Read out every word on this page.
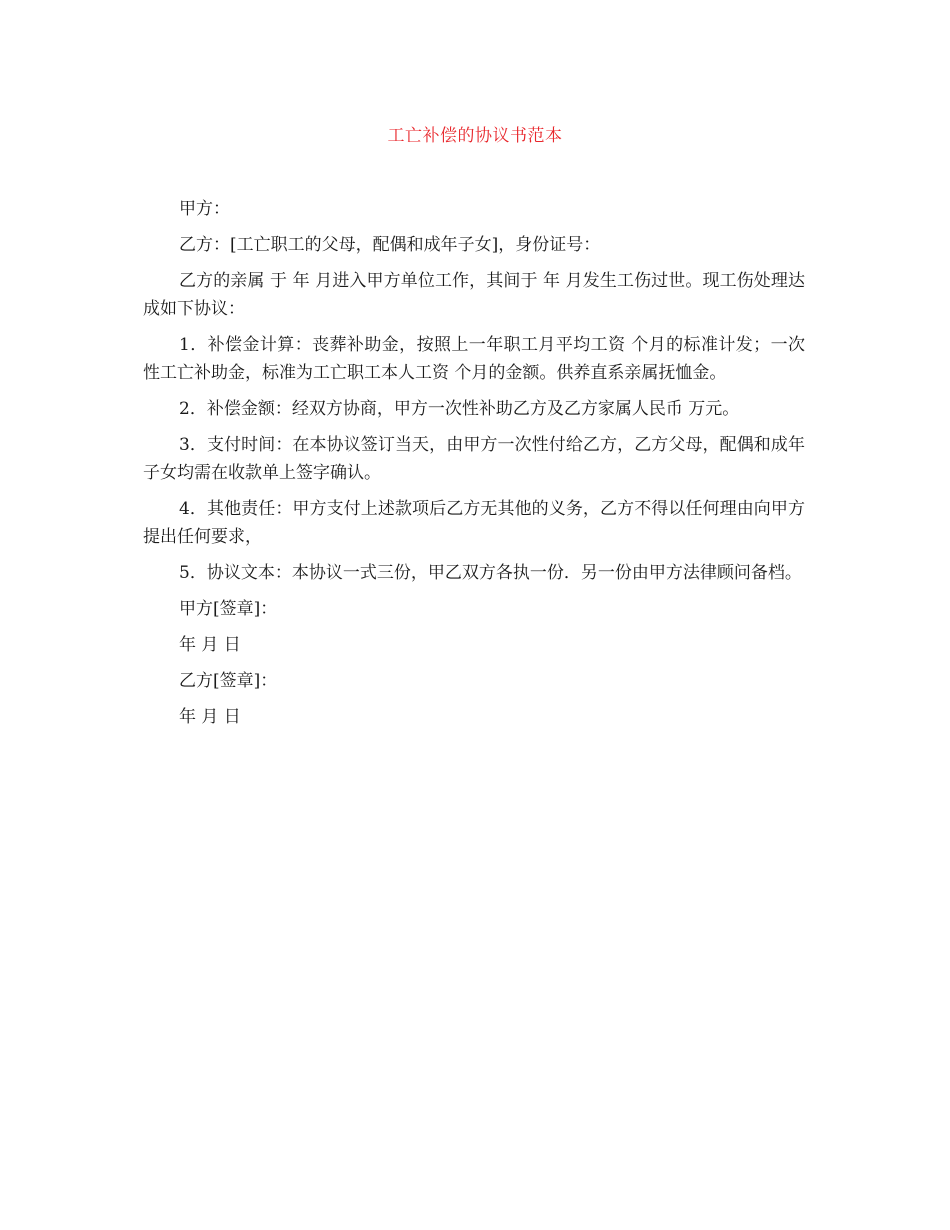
工亡补偿的协议书范本

甲方：

乙方：[工亡职工的父母，配偶和成年子女]，身份证号：

乙方的亲属 于 年 月进入甲方单位工作，其间于 年 月发生工伤过世。现工伤处理达成如下协议：

1．补偿金计算：丧葬补助金，按照上一年职工月平均工资 个月的标准计发；一次性工亡补助金，标准为工亡职工本人工资 个月的金额。供养直系亲属抚恤金。

2．补偿金额：经双方协商，甲方一次性补助乙方及乙方家属人民币 万元。

3．支付时间：在本协议签订当天，由甲方一次性付给乙方，乙方父母，配偶和成年子女均需在收款单上签字确认。

4．其他责任：甲方支付上述款项后乙方无其他的义务，乙方不得以任何理由向甲方提出任何要求，

5．协议文本：本协议一式三份，甲乙双方各执一份．另一份由甲方法律顾问备档。

甲方[签章]：

年 月 日

乙方[签章]：

年 月 日
